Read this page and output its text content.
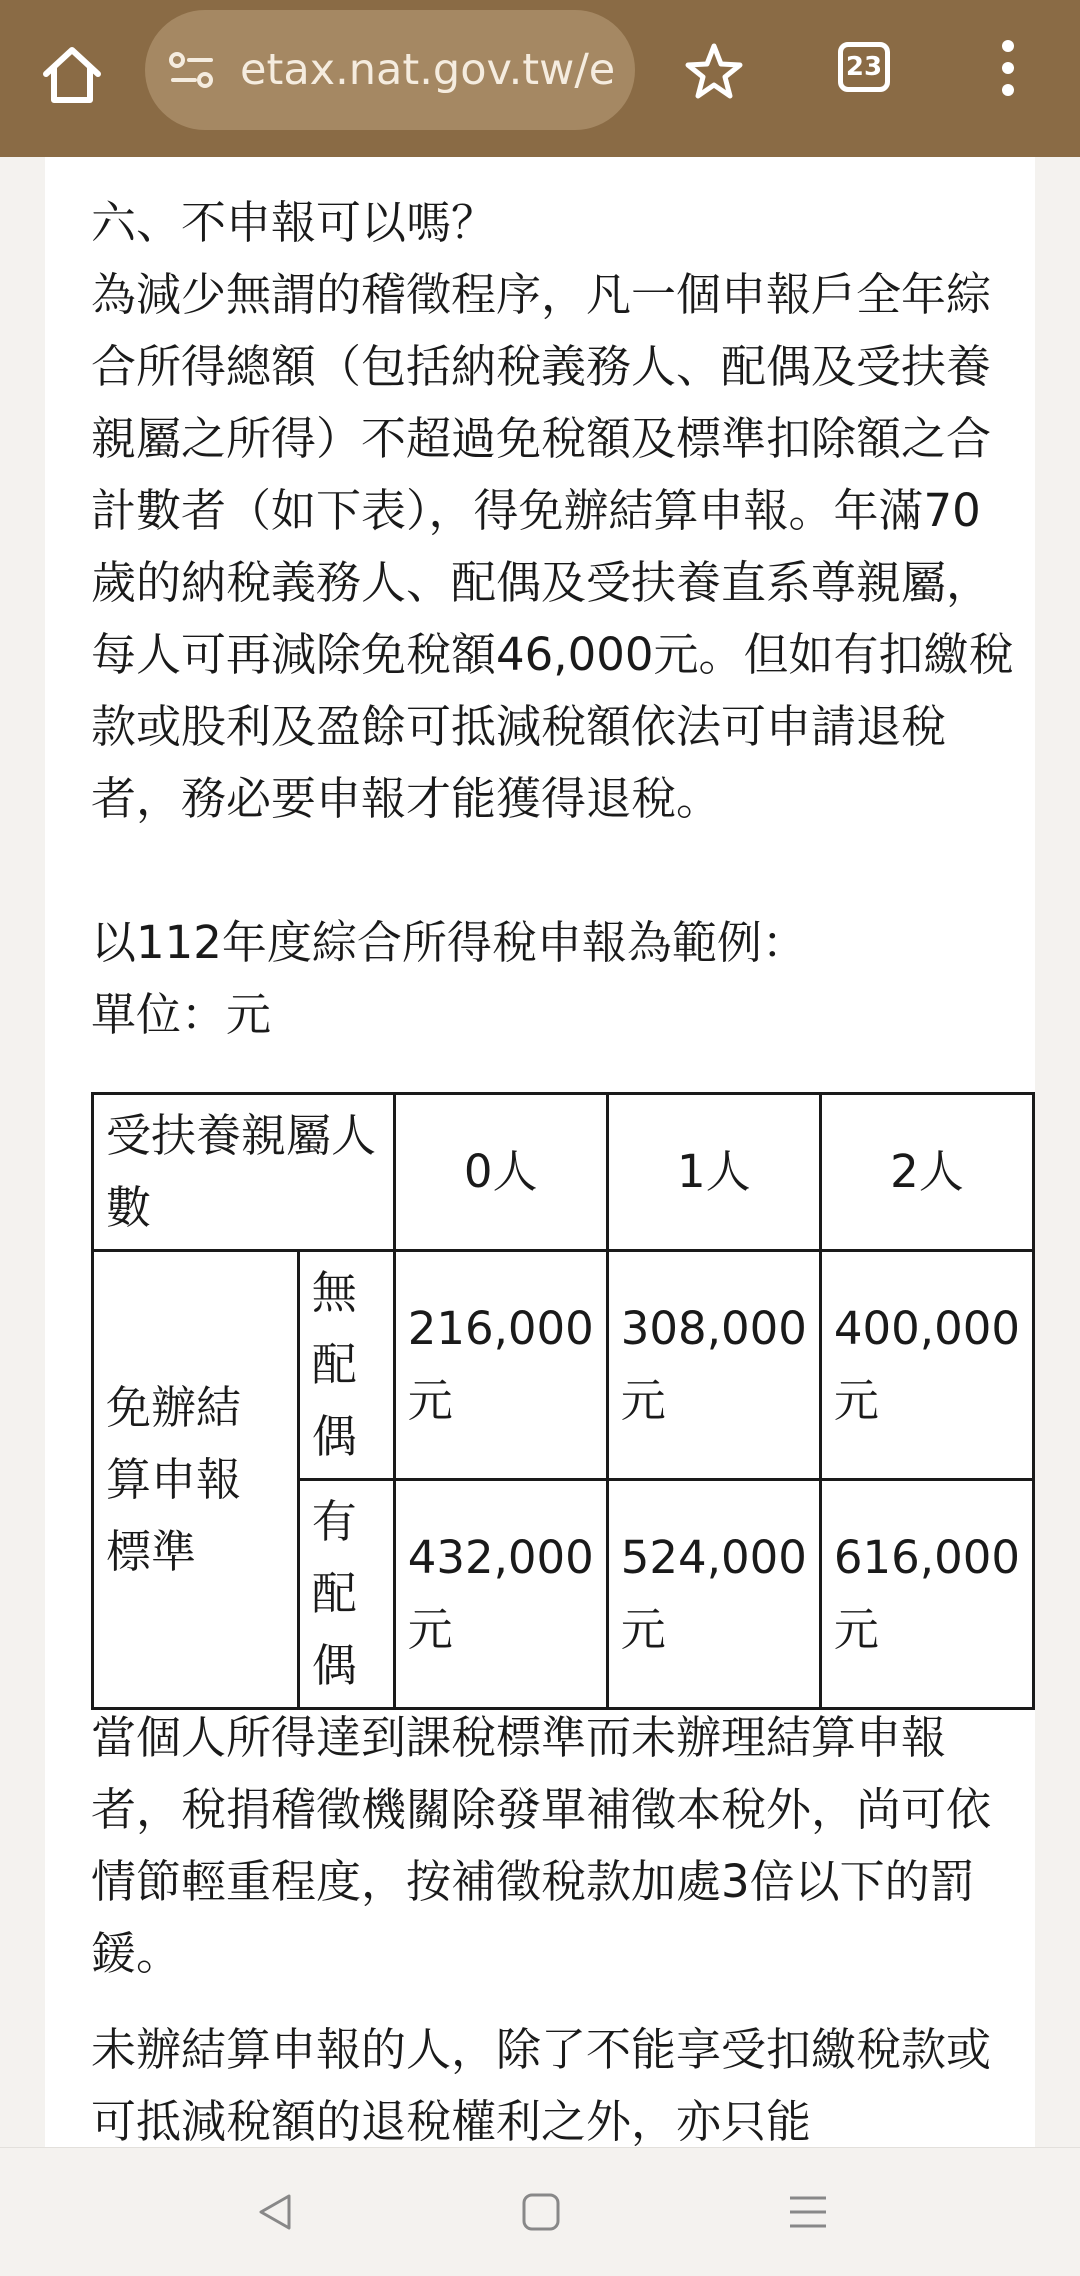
etax.nat.gov.tw/e	23
六、不申報可以嗎？
為減少無謂的稽徵程序，凡一個申報戶全年綜合所得總額（包括納稅義務人、配偶及受扶養親屬之所得）不超過免稅額及標準扣除額之合計數者（如下表），得免辦結算申報。年滿70歲的納稅義務人、配偶及受扶養直系尊親屬，每人可再減除免稅額46,000元。但如有扣繳稅款或股利及盈餘可抵減稅額依法可申請退稅者，務必要申報才能獲得退稅。
以112年度綜合所得稅申報為範例：
單位：元
受扶養親屬人數		0人	1人	2人
免辦結算申報標準	無配偶	216,000元	308,000元	400,000元
	有配偶	432,000元	524,000元	616,000元
當個人所得達到課稅標準而未辦理結算申報者，稅捐稽徵機關除發單補徵本稅外，尚可依情節輕重程度，按補徵稅款加處3倍以下的罰鍰。
未辦結算申報的人，除了不能享受扣繳稅款或可抵減稅額的退稅權利之外，亦只能
